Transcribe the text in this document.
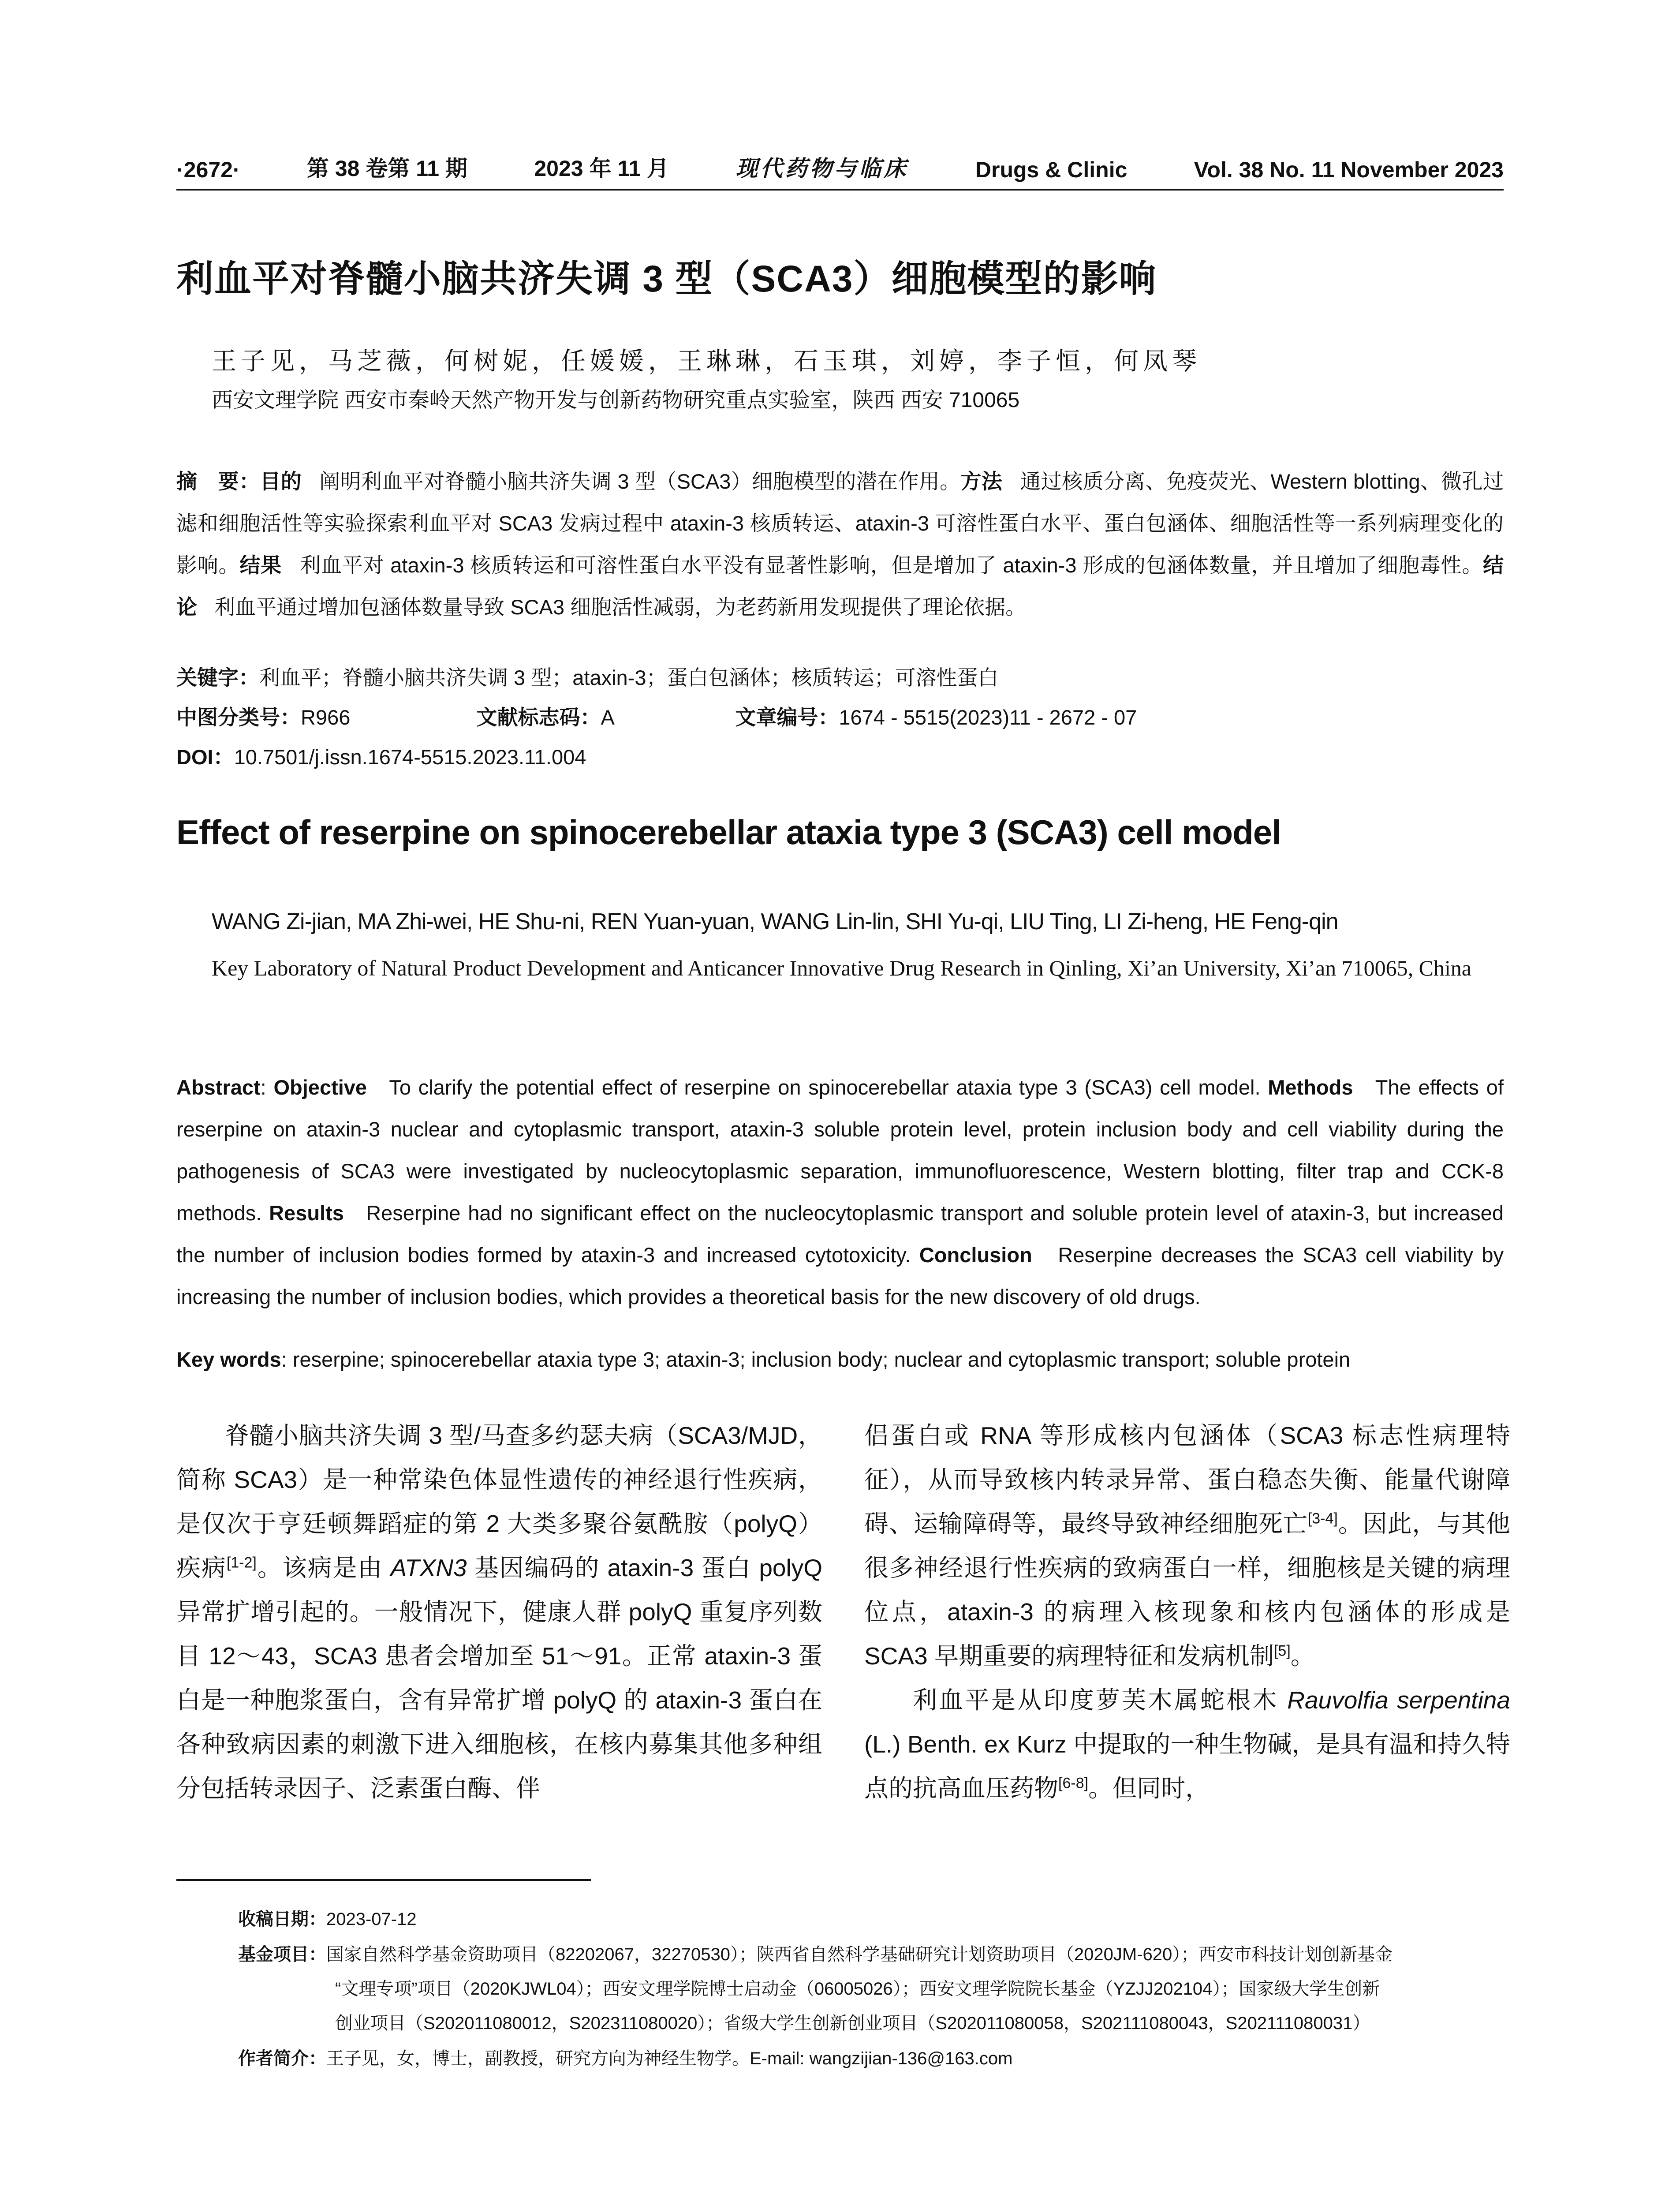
·2672·	第 38 卷第 11 期	2023 年 11 月	现代药物与临床	Drugs & Clinic	Vol. 38 No. 11 November 2023
利血平对脊髓小脑共济失调 3 型（SCA3）细胞模型的影响
王子见，马芝薇，何树妮，任媛媛，王琳琳，石玉琪，刘婷，李子恒，何凤琴
西安文理学院 西安市秦岭天然产物开发与创新药物研究重点实验室，陕西 西安 710065
摘　要：目的 阐明利血平对脊髓小脑共济失调 3 型（SCA3）细胞模型的潜在作用。方法 通过核质分离、免疫荧光、Western blotting、微孔过滤和细胞活性等实验探索利血平对 SCA3 发病过程中 ataxin-3 核质转运、ataxin-3 可溶性蛋白水平、蛋白包涵体、细胞活性等一系列病理变化的影响。结果 利血平对 ataxin-3 核质转运和可溶性蛋白水平没有显著性影响，但是增加了 ataxin-3 形成的包涵体数量，并且增加了细胞毒性。结论 利血平通过增加包涵体数量导致 SCA3 细胞活性减弱，为老药新用发现提供了理论依据。
关键字：利血平；脊髓小脑共济失调 3 型；ataxin-3；蛋白包涵体；核质转运；可溶性蛋白
中图分类号：R966	文献标志码：A	文章编号：1674 - 5515(2023)11 - 2672 - 07
DOI：10.7501/j.issn.1674-5515.2023.11.004
Effect of reserpine on spinocerebellar ataxia type 3 (SCA3) cell model
WANG Zi-jian, MA Zhi-wei, HE Shu-ni, REN Yuan-yuan, WANG Lin-lin, SHI Yu-qi, LIU Ting, LI Zi-heng, HE Feng-qin
Key Laboratory of Natural Product Development and Anticancer Innovative Drug Research in Qinling, Xi’an University, Xi’an 710065, China
Abstract: Objective To clarify the potential effect of reserpine on spinocerebellar ataxia type 3 (SCA3) cell model. Methods The effects of reserpine on ataxin-3 nuclear and cytoplasmic transport, ataxin-3 soluble protein level, protein inclusion body and cell viability during the pathogenesis of SCA3 were investigated by nucleocytoplasmic separation, immunofluorescence, Western blotting, filter trap and CCK-8 methods. Results Reserpine had no significant effect on the nucleocytoplasmic transport and soluble protein level of ataxin-3, but increased the number of inclusion bodies formed by ataxin-3 and increased cytotoxicity. Conclusion Reserpine decreases the SCA3 cell viability by increasing the number of inclusion bodies, which provides a theoretical basis for the new discovery of old drugs.
Key words: reserpine; spinocerebellar ataxia type 3; ataxin-3; inclusion body; nuclear and cytoplasmic transport; soluble protein

脊髓小脑共济失调 3 型/马查多约瑟夫病（SCA3/MJD，简称 SCA3）是一种常染色体显性遗传的神经退行性疾病，是仅次于亨廷顿舞蹈症的第 2 大类多聚谷氨酰胺（polyQ）疾病[1-2]。该病是由 ATXN3 基因编码的 ataxin-3 蛋白 polyQ 异常扩增引起的。一般情况下，健康人群 polyQ 重复序列数目 12～43，SCA3 患者会增加至 51～91。正常 ataxin-3 蛋白是一种胞浆蛋白，含有异常扩增 polyQ 的 ataxin-3 蛋白在各种致病因素的刺激下进入细胞核，在核内募集其他多种组分包括转录因子、泛素蛋白酶、伴

侣蛋白或 RNA 等形成核内包涵体（SCA3 标志性病理特征），从而导致核内转录异常、蛋白稳态失衡、能量代谢障碍、运输障碍等，最终导致神经细胞死亡[3-4]。因此，与其他很多神经退行性疾病的致病蛋白一样，细胞核是关键的病理位点，ataxin-3 的病理入核现象和核内包涵体的形成是 SCA3 早期重要的病理特征和发病机制[5]。

利血平是从印度萝芙木属蛇根木 Rauvolfia serpentina (L.) Benth. ex Kurz 中提取的一种生物碱，是具有温和持久特点的抗高血压药物[6-8]。但同时，

收稿日期：2023-07-12
基金项目：国家自然科学基金资助项目（82202067，32270530）；陕西省自然科学基础研究计划资助项目（2020JM-620）；西安市科技计划创新基金
“文理专项”项目（2020KJWL04）；西安文理学院博士启动金（06005026）；西安文理学院院长基金（YZJJ202104）；国家级大学生创新
创业项目（S202011080012，S202311080020）；省级大学生创新创业项目（S202011080058，S202111080043，S202111080031）
作者简介：王子见，女，博士，副教授，研究方向为神经生物学。E-mail: wangzijian-136@163.com
